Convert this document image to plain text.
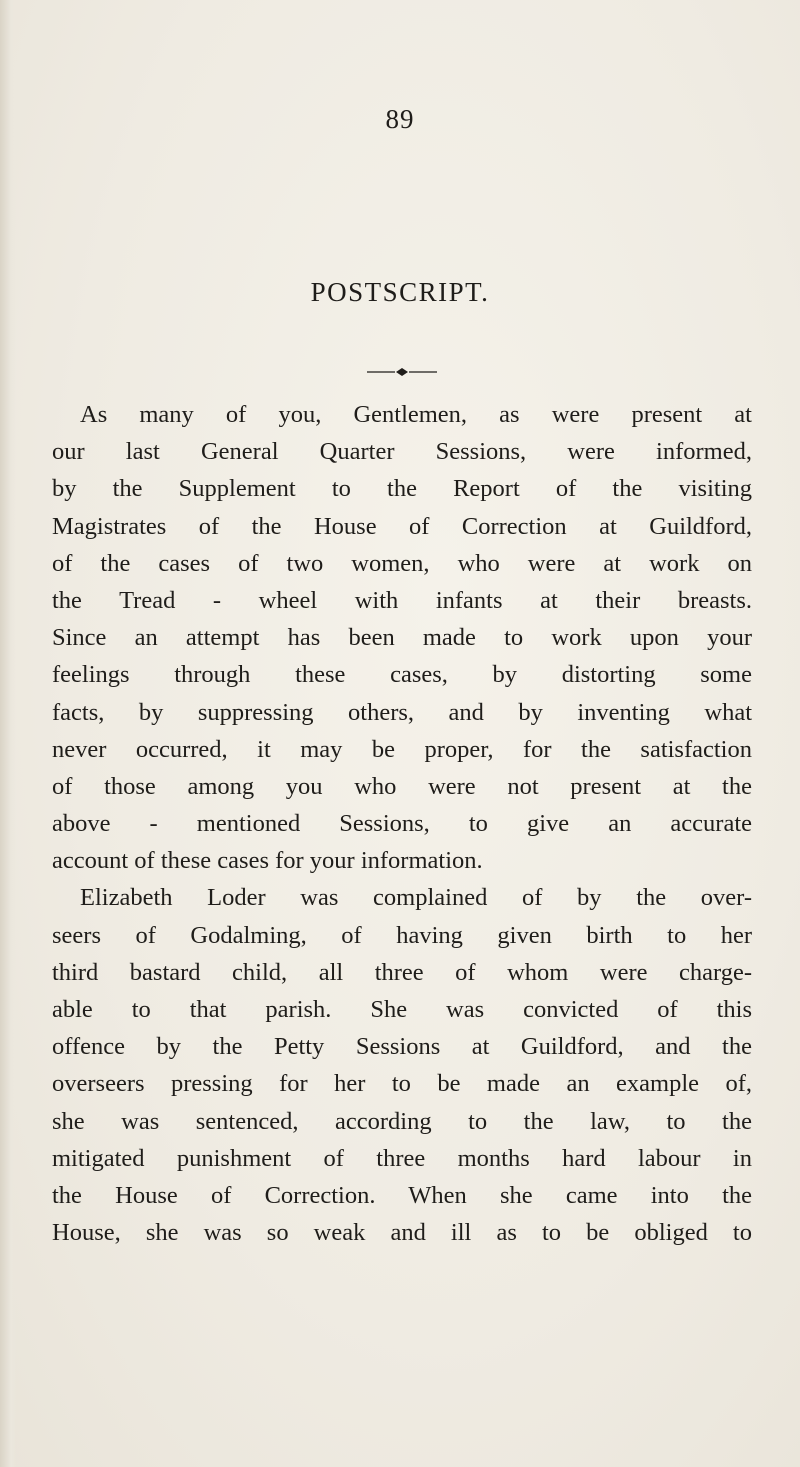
89
POSTSCRIPT.
As many of you, Gentlemen, as were present at
our last General Quarter Sessions, were informed,
by the Supplement to the Report of the visiting
Magistrates of the House of Correction at Guildford,
of the cases of two women, who were at work on
the Tread - wheel with infants at their breasts.
Since an attempt has been made to work upon your
feelings through these cases, by distorting some
facts, by suppressing others, and by inventing what
never occurred, it may be proper, for the satisfaction
of those among you who were not present at the
above - mentioned Sessions, to give an accurate
account of these cases for your information.
Elizabeth Loder was complained of by the over-
seers of Godalming, of having given birth to her
third bastard child, all three of whom were charge-
able to that parish. She was convicted of this
offence by the Petty Sessions at Guildford, and the
overseers pressing for her to be made an example of,
she was sentenced, according to the law, to the
mitigated punishment of three months hard labour in
the House of Correction. When she came into the
House, she was so weak and ill as to be obliged to
